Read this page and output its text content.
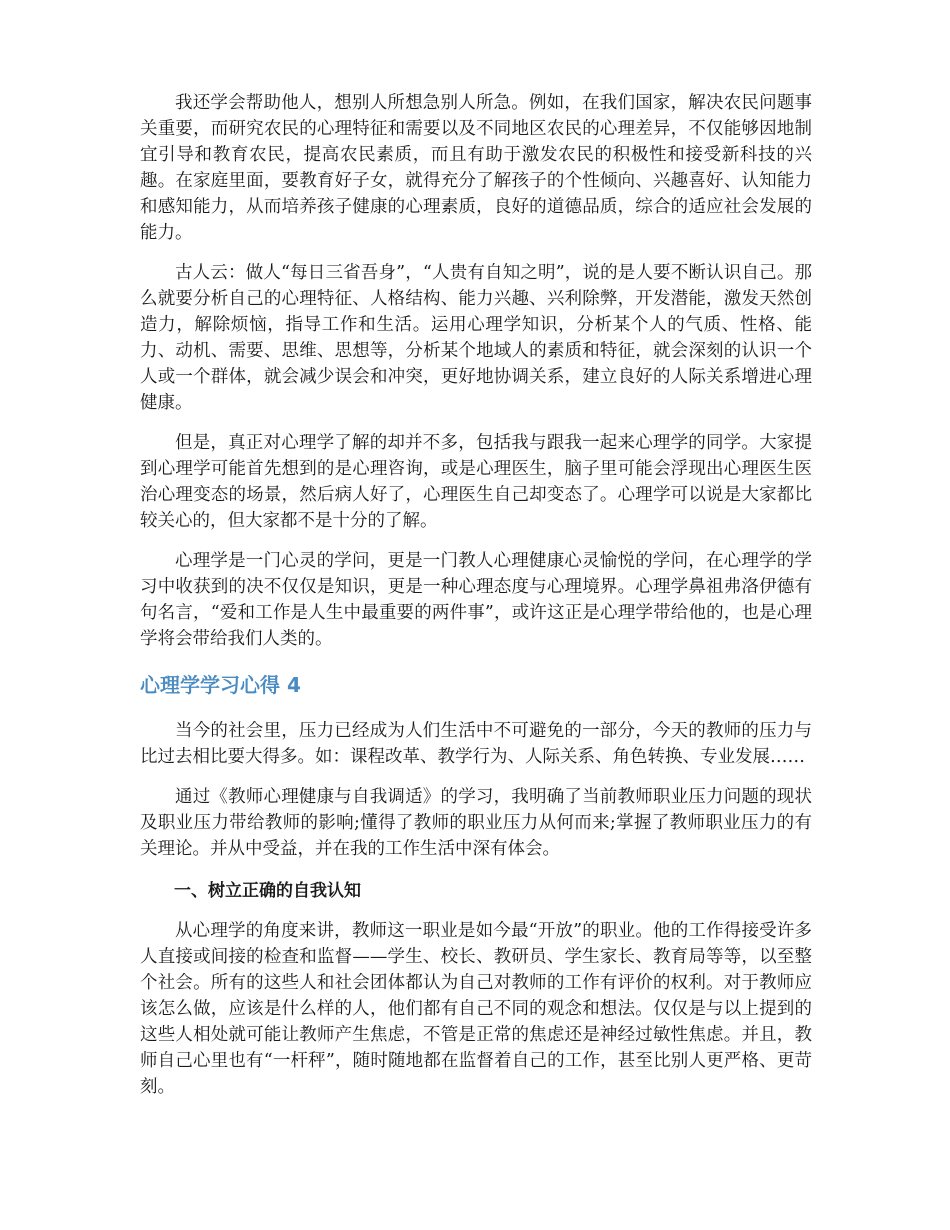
我还学会帮助他人，想别人所想急别人所急。例如，在我们国家，解决农民问题事关重要，而研究农民的心理特征和需要以及不同地区农民的心理差异，不仅能够因地制宜引导和教育农民，提高农民素质，而且有助于激发农民的积极性和接受新科技的兴趣。在家庭里面，要教育好子女，就得充分了解孩子的个性倾向、兴趣喜好、认知能力和感知能力，从而培养孩子健康的心理素质，良好的道德品质，综合的适应社会发展的能力。

古人云：做人“每日三省吾身”，“人贵有自知之明”，说的是人要不断认识自己。那么就要分析自己的心理特征、人格结构、能力兴趣、兴利除弊，开发潜能，激发天然创造力，解除烦恼，指导工作和生活。运用心理学知识，分析某个人的气质、性格、能力、动机、需要、思维、思想等，分析某个地域人的素质和特征，就会深刻的认识一个人或一个群体，就会减少误会和冲突，更好地协调关系，建立良好的人际关系增进心理健康。

但是，真正对心理学了解的却并不多，包括我与跟我一起来心理学的同学。大家提到心理学可能首先想到的是心理咨询，或是心理医生，脑子里可能会浮现出心理医生医治心理变态的场景，然后病人好了，心理医生自己却变态了。心理学可以说是大家都比较关心的，但大家都不是十分的了解。

心理学是一门心灵的学问，更是一门教人心理健康心灵愉悦的学问，在心理学的学习中收获到的决不仅仅是知识，更是一种心理态度与心理境界。心理学鼻祖弗洛伊德有句名言，“爱和工作是人生中最重要的两件事”，或许这正是心理学带给他的，也是心理学将会带给我们人类的。

心理学学习心得 4

当今的社会里，压力已经成为人们生活中不可避免的一部分，今天的教师的压力与比过去相比要大得多。如：课程改革、教学行为、人际关系、角色转换、专业发展……

通过《教师心理健康与自我调适》的学习，我明确了当前教师职业压力问题的现状及职业压力带给教师的影响;懂得了教师的职业压力从何而来;掌握了教师职业压力的有关理论。并从中受益，并在我的工作生活中深有体会。

一、树立正确的自我认知

从心理学的角度来讲，教师这一职业是如今最“开放”的职业。他的工作得接受许多人直接或间接的检查和监督——学生、校长、教研员、学生家长、教育局等等，以至整个社会。所有的这些人和社会团体都认为自己对教师的工作有评价的权利。对于教师应该怎么做，应该是什么样的人，他们都有自己不同的观念和想法。仅仅是与以上提到的这些人相处就可能让教师产生焦虑，不管是正常的焦虑还是神经过敏性焦虑。并且，教师自己心里也有“一杆秤”，随时随地都在监督着自己的工作，甚至比别人更严格、更苛刻。
